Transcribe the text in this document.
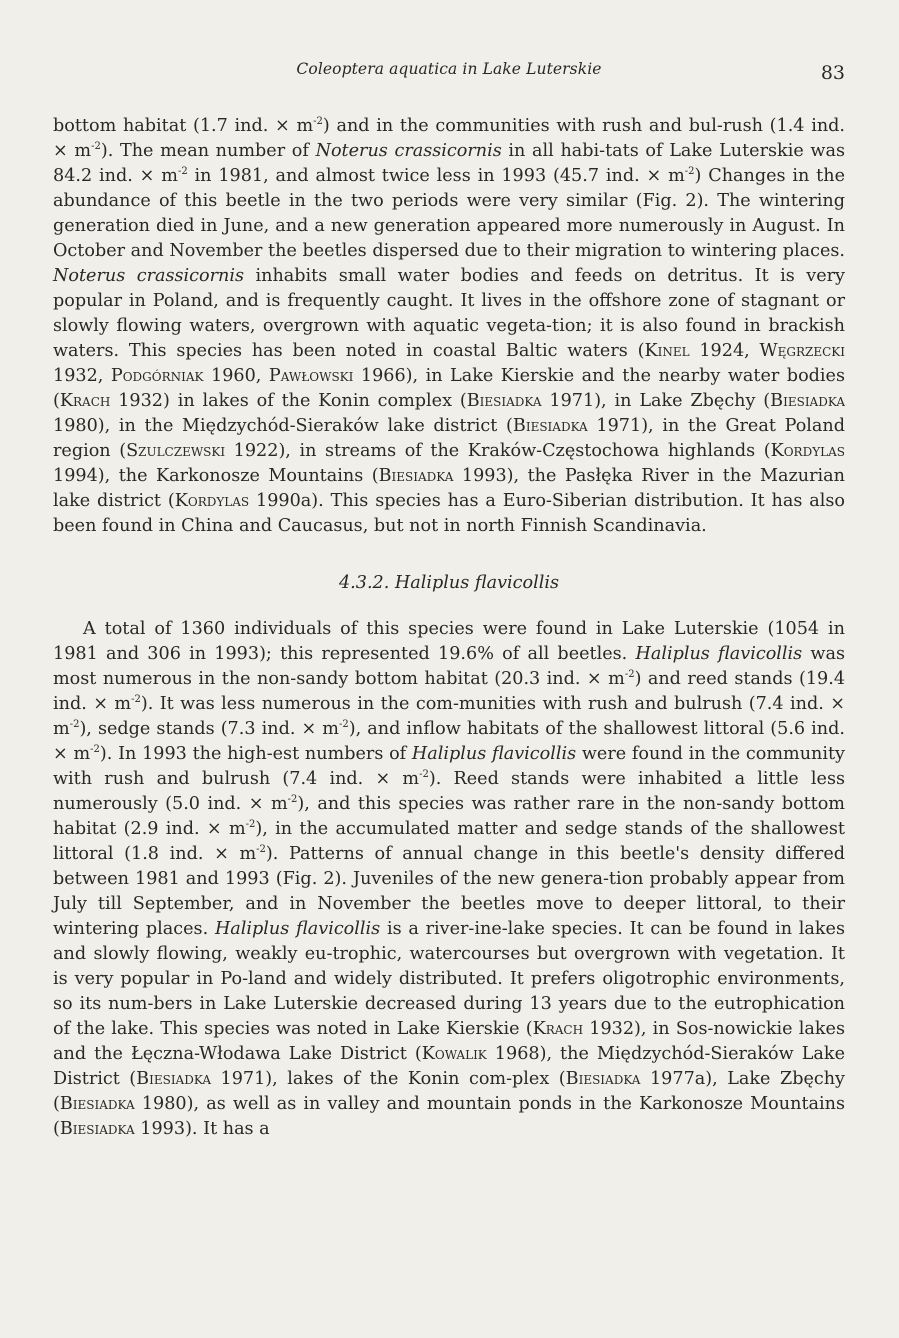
Coleoptera aquatica in Lake Luterskie	83

bottom habitat (1.7 ind. × $m^{-2}$) and in the communities with rush and bul-rush (1.4 ind. × $m^{-2}$). The mean number of Noterus crassicornis in all habi-tats of Lake Luterskie was 84.2 ind. × $m^{-2}$ in 1981, and almost twice less in 1993 (45.7 ind. × $m^{-2}$) Changes in the abundance of this beetle in the two periods were very similar (Fig. 2). The wintering generation died in June, and a new generation appeared more numerously in August. In October and November the beetles dispersed due to their migration to wintering places. Noterus crassicornis inhabits small water bodies and feeds on detritus. It is very popular in Poland, and is frequently caught. It lives in the offshore zone of stagnant or slowly flowing waters, overgrown with aquatic vegeta-tion; it is also found in brackish waters. This species has been noted in coastal Baltic waters (Kinel 1924, Węgrzecki 1932, Podgórniak 1960, Pawłowski 1966), in Lake Kierskie and the nearby water bodies (Krach 1932) in lakes of the Konin complex (Biesiadka 1971), in Lake Zbęchy (Biesiadka 1980), in the Międzychód-Sieraków lake district (Biesiadka 1971), in the Great Poland region (Szulczewski 1922), in streams of the Kraków-Częstochowa highlands (Kordylas 1994), the Karkonosze Mountains (Biesiadka 1993), the Pasłęka River in the Mazurian lake district (Kordylas 1990a). This species has a Euro-Siberian distribution. It has also been found in China and Caucasus, but not in north Finnish Scandinavia.

4.3.2. Haliplus flavicollis

A total of 1360 individuals of this species were found in Lake Luterskie (1054 in 1981 and 306 in 1993); this represented 19.6% of all beetles. Haliplus flavicollis was most numerous in the non-sandy bottom habitat (20.3 ind. × $m^{-2}$) and reed stands (19.4 ind. × $m^{-2}$). It was less numerous in the com-munities with rush and bulrush (7.4 ind. × $m^{-2}$), sedge stands (7.3 ind. × $m^{-2}$), and inflow habitats of the shallowest littoral (5.6 ind. × $m^{-2}$). In 1993 the high-est numbers of Haliplus flavicollis were found in the community with rush and bulrush (7.4 ind. × $m^{-2}$). Reed stands were inhabited a little less numerously (5.0 ind. × $m^{-2}$), and this species was rather rare in the non-sandy bottom habitat (2.9 ind. × $m^{-2}$), in the accumulated matter and sedge stands of the shallowest littoral (1.8 ind. × $m^{-2}$). Patterns of annual change in this beetle's density differed between 1981 and 1993 (Fig. 2). Juveniles of the new genera-tion probably appear from July till September, and in November the beetles move to deeper littoral, to their wintering places. Haliplus flavicollis is a river-ine-lake species. It can be found in lakes and slowly flowing, weakly eu-trophic, watercourses but overgrown with vegetation. It is very popular in Po-land and widely distributed. It prefers oligotrophic environments, so its num-bers in Lake Luterskie decreased during 13 years due to the eutrophication of the lake. This species was noted in Lake Kierskie (Krach 1932), in Sos-nowickie lakes and the Łęczna-Włodawa Lake District (Kowalik 1968), the Międzychód-Sieraków Lake District (Biesiadka 1971), lakes of the Konin com-plex (Biesiadka 1977a), Lake Zbęchy (Biesiadka 1980), as well as in valley and mountain ponds in the Karkonosze Mountains (Biesiadka 1993). It has a
